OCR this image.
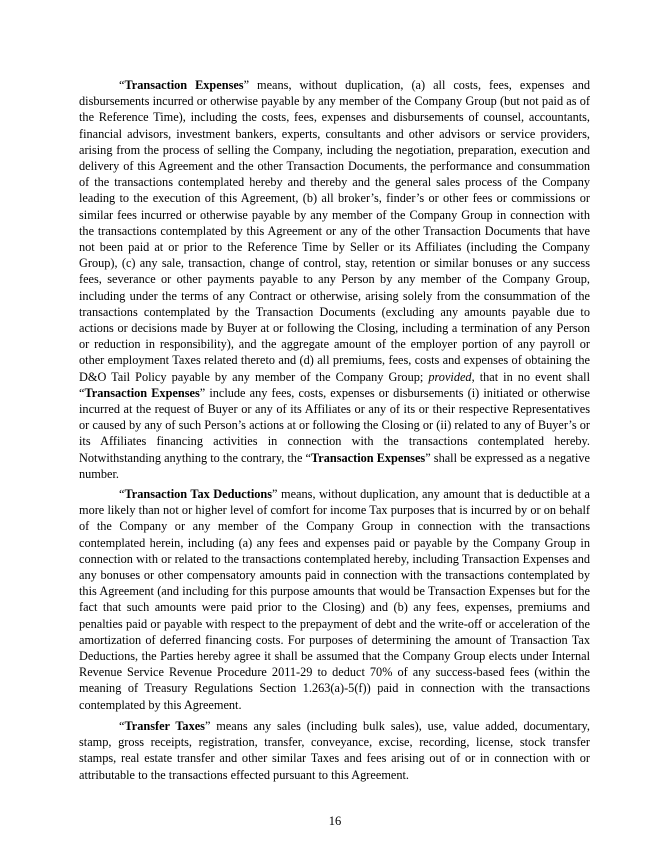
“Transaction Expenses” means, without duplication, (a) all costs, fees, expenses and disbursements incurred or otherwise payable by any member of the Company Group (but not paid as of the Reference Time), including the costs, fees, expenses and disbursements of counsel, accountants, financial advisors, investment bankers, experts, consultants and other advisors or service providers, arising from the process of selling the Company, including the negotiation, preparation, execution and delivery of this Agreement and the other Transaction Documents, the performance and consummation of the transactions contemplated hereby and thereby and the general sales process of the Company leading to the execution of this Agreement, (b) all broker’s, finder’s or other fees or commissions or similar fees incurred or otherwise payable by any member of the Company Group in connection with the transactions contemplated by this Agreement or any of the other Transaction Documents that have not been paid at or prior to the Reference Time by Seller or its Affiliates (including the Company Group), (c) any sale, transaction, change of control, stay, retention or similar bonuses or any success fees, severance or other payments payable to any Person by any member of the Company Group, including under the terms of any Contract or otherwise, arising solely from the consummation of the transactions contemplated by the Transaction Documents (excluding any amounts payable due to actions or decisions made by Buyer at or following the Closing, including a termination of any Person or reduction in responsibility), and the aggregate amount of the employer portion of any payroll or other employment Taxes related thereto and (d) all premiums, fees, costs and expenses of obtaining the D&O Tail Policy payable by any member of the Company Group; provided, that in no event shall “Transaction Expenses” include any fees, costs, expenses or disbursements (i) initiated or otherwise incurred at the request of Buyer or any of its Affiliates or any of its or their respective Representatives or caused by any of such Person’s actions at or following the Closing or (ii) related to any of Buyer’s or its Affiliates financing activities in connection with the transactions contemplated hereby. Notwithstanding anything to the contrary, the “Transaction Expenses” shall be expressed as a negative number.

“Transaction Tax Deductions” means, without duplication, any amount that is deductible at a more likely than not or higher level of comfort for income Tax purposes that is incurred by or on behalf of the Company or any member of the Company Group in connection with the transactions contemplated herein, including (a) any fees and expenses paid or payable by the Company Group in connection with or related to the transactions contemplated hereby, including Transaction Expenses and any bonuses or other compensatory amounts paid in connection with the transactions contemplated by this Agreement (and including for this purpose amounts that would be Transaction Expenses but for the fact that such amounts were paid prior to the Closing) and (b) any fees, expenses, premiums and penalties paid or payable with respect to the prepayment of debt and the write-off or acceleration of the amortization of deferred financing costs. For purposes of determining the amount of Transaction Tax Deductions, the Parties hereby agree it shall be assumed that the Company Group elects under Internal Revenue Service Revenue Procedure 2011-29 to deduct 70% of any success-based fees (within the meaning of Treasury Regulations Section 1.263(a)-5(f)) paid in connection with the transactions contemplated by this Agreement.

“Transfer Taxes” means any sales (including bulk sales), use, value added, documentary, stamp, gross receipts, registration, transfer, conveyance, excise, recording, license, stock transfer stamps, real estate transfer and other similar Taxes and fees arising out of or in connection with or attributable to the transactions effected pursuant to this Agreement.

16
